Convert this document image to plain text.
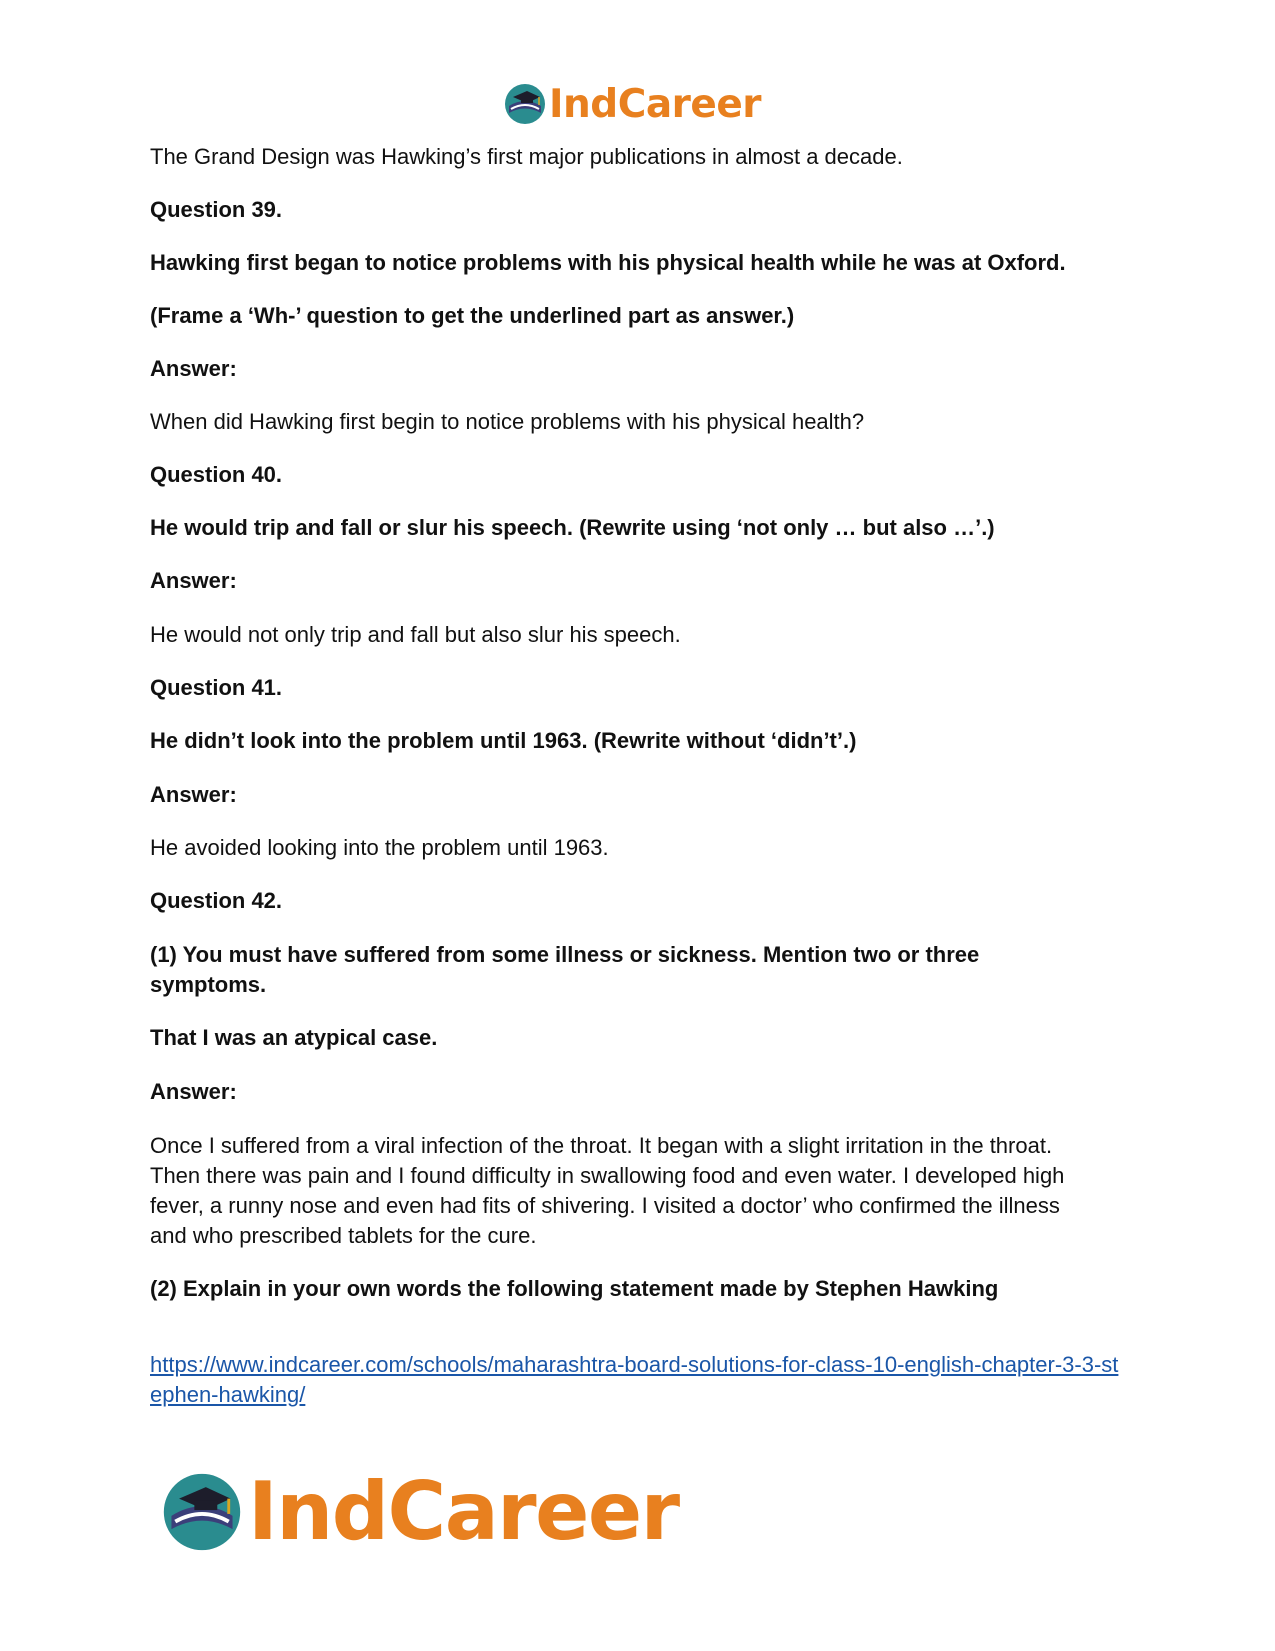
IndCareer

The Grand Design was Hawking’s first major publications in almost a decade.

Question 39.

Hawking first began to notice problems with his physical health while he was at Oxford.

(Frame a ‘Wh-’ question to get the underlined part as answer.)

Answer:

When did Hawking first begin to notice problems with his physical health?

Question 40.

He would trip and fall or slur his speech. (Rewrite using ‘not only … but also …’.)

Answer:

He would not only trip and fall but also slur his speech.

Question 41.

He didn’t look into the problem until 1963. (Rewrite without ‘didn’t’.)

Answer:

He avoided looking into the problem until 1963.

Question 42.

(1) You must have suffered from some illness or sickness. Mention two or three symptoms.

That I was an atypical case.

Answer:

Once I suffered from a viral infection of the throat. It began with a slight irritation in the throat. Then there was pain and I found difficulty in swallowing food and even water. I developed high fever, a runny nose and even had fits of shivering. I visited a doctor’ who confirmed the illness and who prescribed tablets for the cure.

(2) Explain in your own words the following statement made by Stephen Hawking

https://www.indcareer.com/schools/maharashtra-board-solutions-for-class-10-english-chapter-3-3-stephen-hawking/

IndCareer
